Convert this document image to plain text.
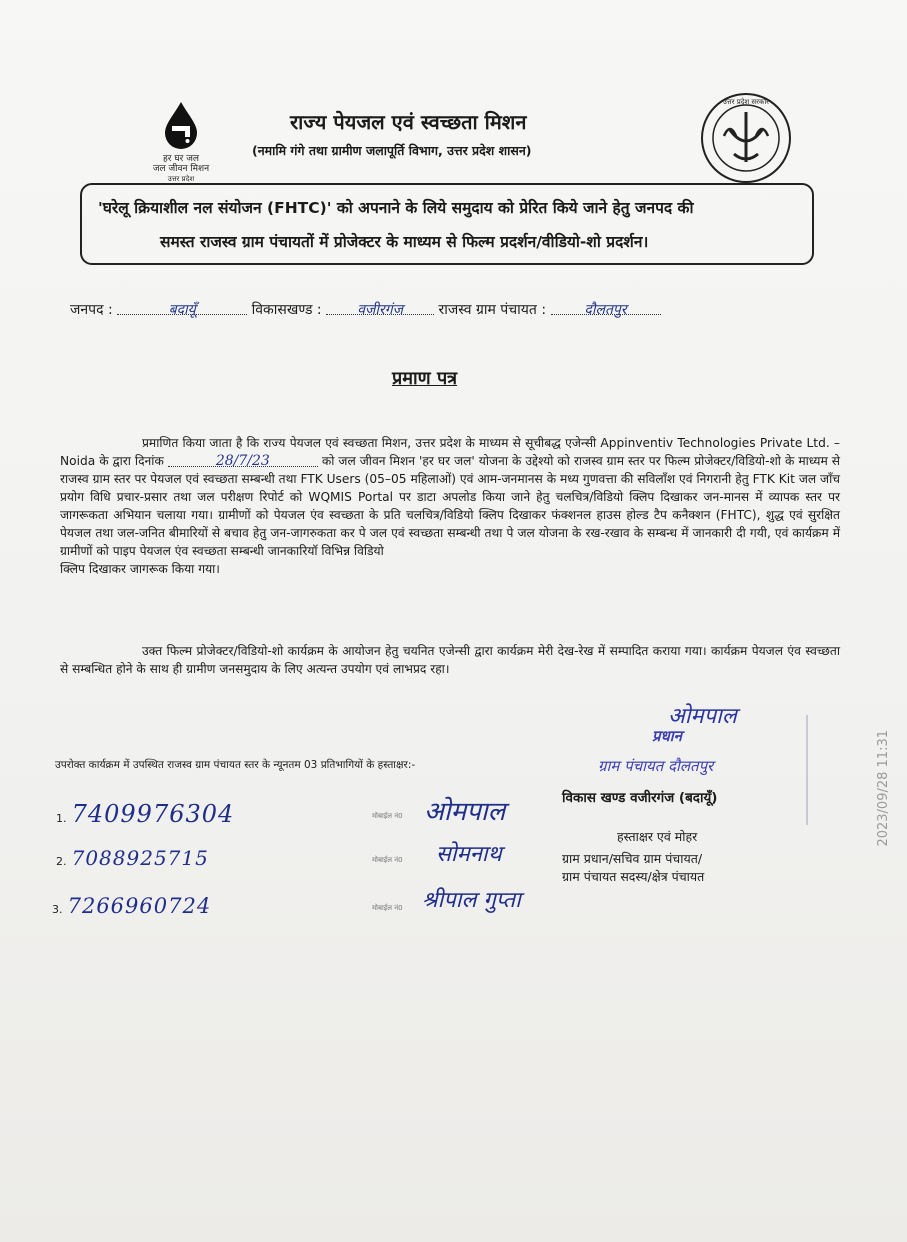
हर घर जल
जल जीवन मिशन
उत्तर प्रदेश
उत्तर प्रदेश सरकार
राज्य पेयजल एवं स्वच्छता मिशन
(नमामि गंगे तथा ग्रामीण जलापूर्ति विभाग, उत्तर प्रदेश शासन)
'घरेलू क्रियाशील नल संयोजन (FHTC)' को अपनाने के लिये समुदाय को प्रेरित किये जाने हेतु जनपद की
समस्त राजस्व ग्राम पंचायतों में प्रोजेक्टर के माध्यम से फिल्म प्रदर्शन/वीडियो-शो प्रदर्शन।
जनपद :	बदायूँ	विकासखण्ड :	वजीरगंज	राजस्व ग्राम पंचायत :	दौलतपुर
प्रमाण पत्र
प्रमाणित किया जाता है कि राज्य पेयजल एवं स्वच्छता मिशन, उत्तर प्रदेश के माध्यम से सूचीबद्ध एजेन्सी Appinventiv Technologies Private Ltd. – Noida के द्वारा दिनांक	28/7/23	को जल जीवन मिशन 'हर घर जल' योजना के उद्देश्यो को राजस्व ग्राम स्तर पर फिल्म प्रोजेक्टर/विडियो-शो के माध्यम से राजस्व ग्राम स्तर पर पेयजल एवं स्वच्छता सम्बन्धी तथा FTK Users (05–05 महिलाओं) एवं आम-जनमानस के मध्य गुणवत्ता की सविलाँश एवं निगरानी हेतु FTK Kit जल जाँच प्रयोग विधि प्रचार-प्रसार तथा जल परीक्षण रिपोर्ट को WQMIS Portal पर डाटा अपलोड किया जाने हेतु चलचित्र/विडियो क्लिप दिखाकर जन-मानस में व्यापक स्तर पर जागरूकता अभियान चलाया गया। ग्रामीणों को पेयजल एंव स्वच्छता के प्रति चलचित्र/विडियो क्लिप दिखाकर फंक्शनल हाउस होल्ड टैप कनैक्शन (FHTC), शुद्ध एवं सुरक्षित पेयजल तथा जल-जनित बीमारियों से बचाव हेतु जन-जागरुकता कर पे जल एवं स्वच्छता सम्बन्धी तथा पे जल योजना के रख-रखाव के सम्बन्ध में जानकारी दी गयी, एवं कार्यक्रम में ग्रामीणों को पाइप पेयजल एंव स्वच्छता सम्बन्धी जानकारियॉ विभिन्न विडियो
क्लिप दिखाकर जागरूक किया गया।
उक्त फिल्म प्रोजेक्टर/विडियो-शो कार्यक्रम के आयोजन हेतु चयनित एजेन्सी द्वारा कार्यक्रम मेरी देख-रेख में सम्पादित कराया गया। कार्यक्रम पेयजल एंव स्वच्छता से सम्बन्धित होने के साथ ही ग्रामीण जनसमुदाय के लिए अत्यन्त उपयोग एवं लाभप्रद रहा।
ओमपाल
प्रधान
ग्राम पंचायत दौलतपुर
उपरोक्त कार्यक्रम में उपस्थित राजस्व ग्राम पंचायत स्तर के न्यूनतम 03 प्रतिभागियों के हस्ताक्षर:-
विकास खण्ड वजीरगंज (बदायूँ)
हस्ताक्षर एवं मोहर
ग्राम प्रधान/सचिव ग्राम पंचायत/
ग्राम पंचायत सदस्य/क्षेत्र पंचायत
1. 7409976304	मोबाईल नं0 ओमपाल
2. 7088925715	मोबाईल नं0 सोमनाथ
3. 7266960724	मोबाईल नं0 श्रीपाल गुप्ता
2023/09/28 11:31
